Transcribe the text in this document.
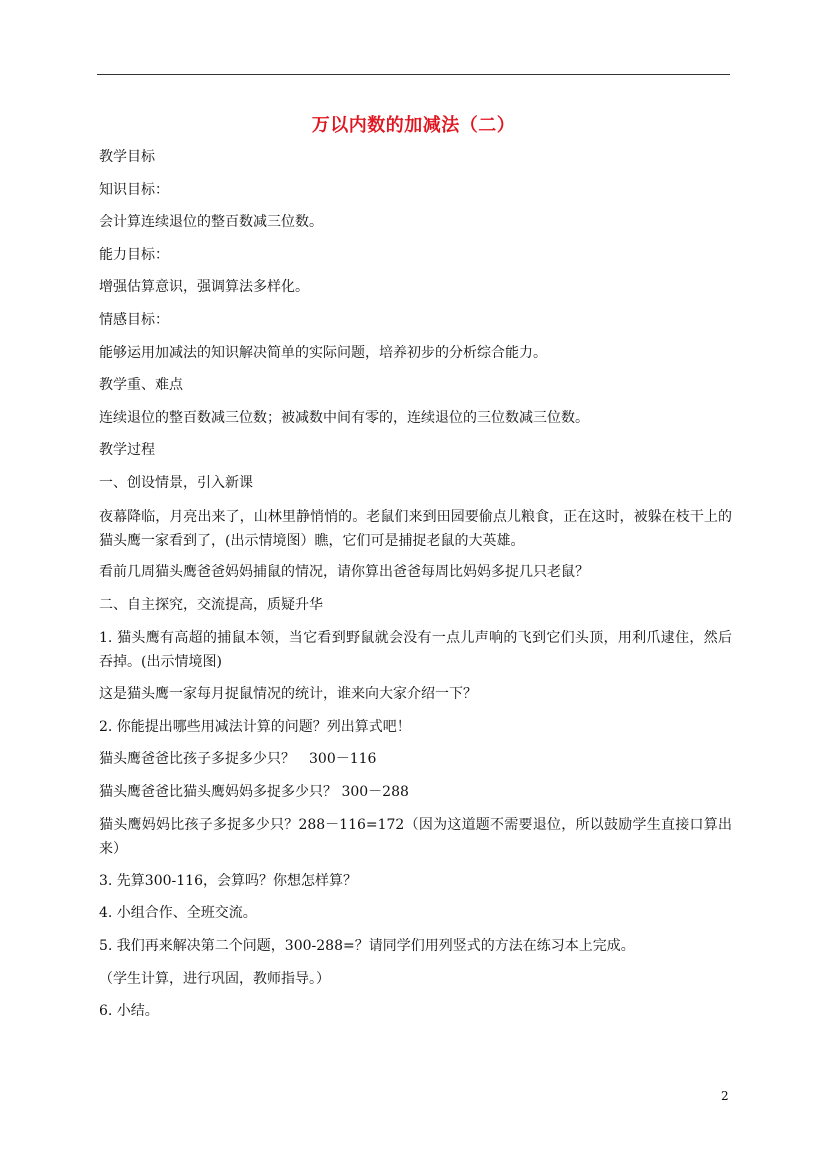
万以内数的加减法（二）

教学目标

知识目标：

会计算连续退位的整百数减三位数。

能力目标：

增强估算意识，强调算法多样化。

情感目标：

能够运用加减法的知识解决简单的实际问题，培养初步的分析综合能力。

教学重、难点

连续退位的整百数减三位数；被减数中间有零的，连续退位的三位数减三位数。

教学过程

一、创设情景，引入新课

夜幕降临，月亮出来了，山林里静悄悄的。老鼠们来到田园要偷点儿粮食，正在这时，被躲在枝干上的猫头鹰一家看到了，(出示情境图）瞧，它们可是捕捉老鼠的大英雄。

看前几周猫头鹰爸爸妈妈捕鼠的情况，请你算出爸爸每周比妈妈多捉几只老鼠？

二、自主探究，交流提高，质疑升华

1. 猫头鹰有高超的捕鼠本领，当它看到野鼠就会没有一点儿声响的飞到它们头顶，用利爪逮住，然后吞掉。(出示情境图)

这是猫头鹰一家每月捉鼠情况的统计，谁来向大家介绍一下？

2. 你能提出哪些用减法计算的问题？列出算式吧！

猫头鹰爸爸比孩子多捉多少只？　300－116

猫头鹰爸爸比猫头鹰妈妈多捉多少只？ 300－288

猫头鹰妈妈比孩子多捉多少只？288－116=172（因为这道题不需要退位，所以鼓励学生直接口算出来）

3. 先算300-116，会算吗？你想怎样算？

4. 小组合作、全班交流。

5. 我们再来解决第二个问题，300-288=？请同学们用列竖式的方法在练习本上完成。

（学生计算，进行巩固，教师指导。）

6. 小结。

2
